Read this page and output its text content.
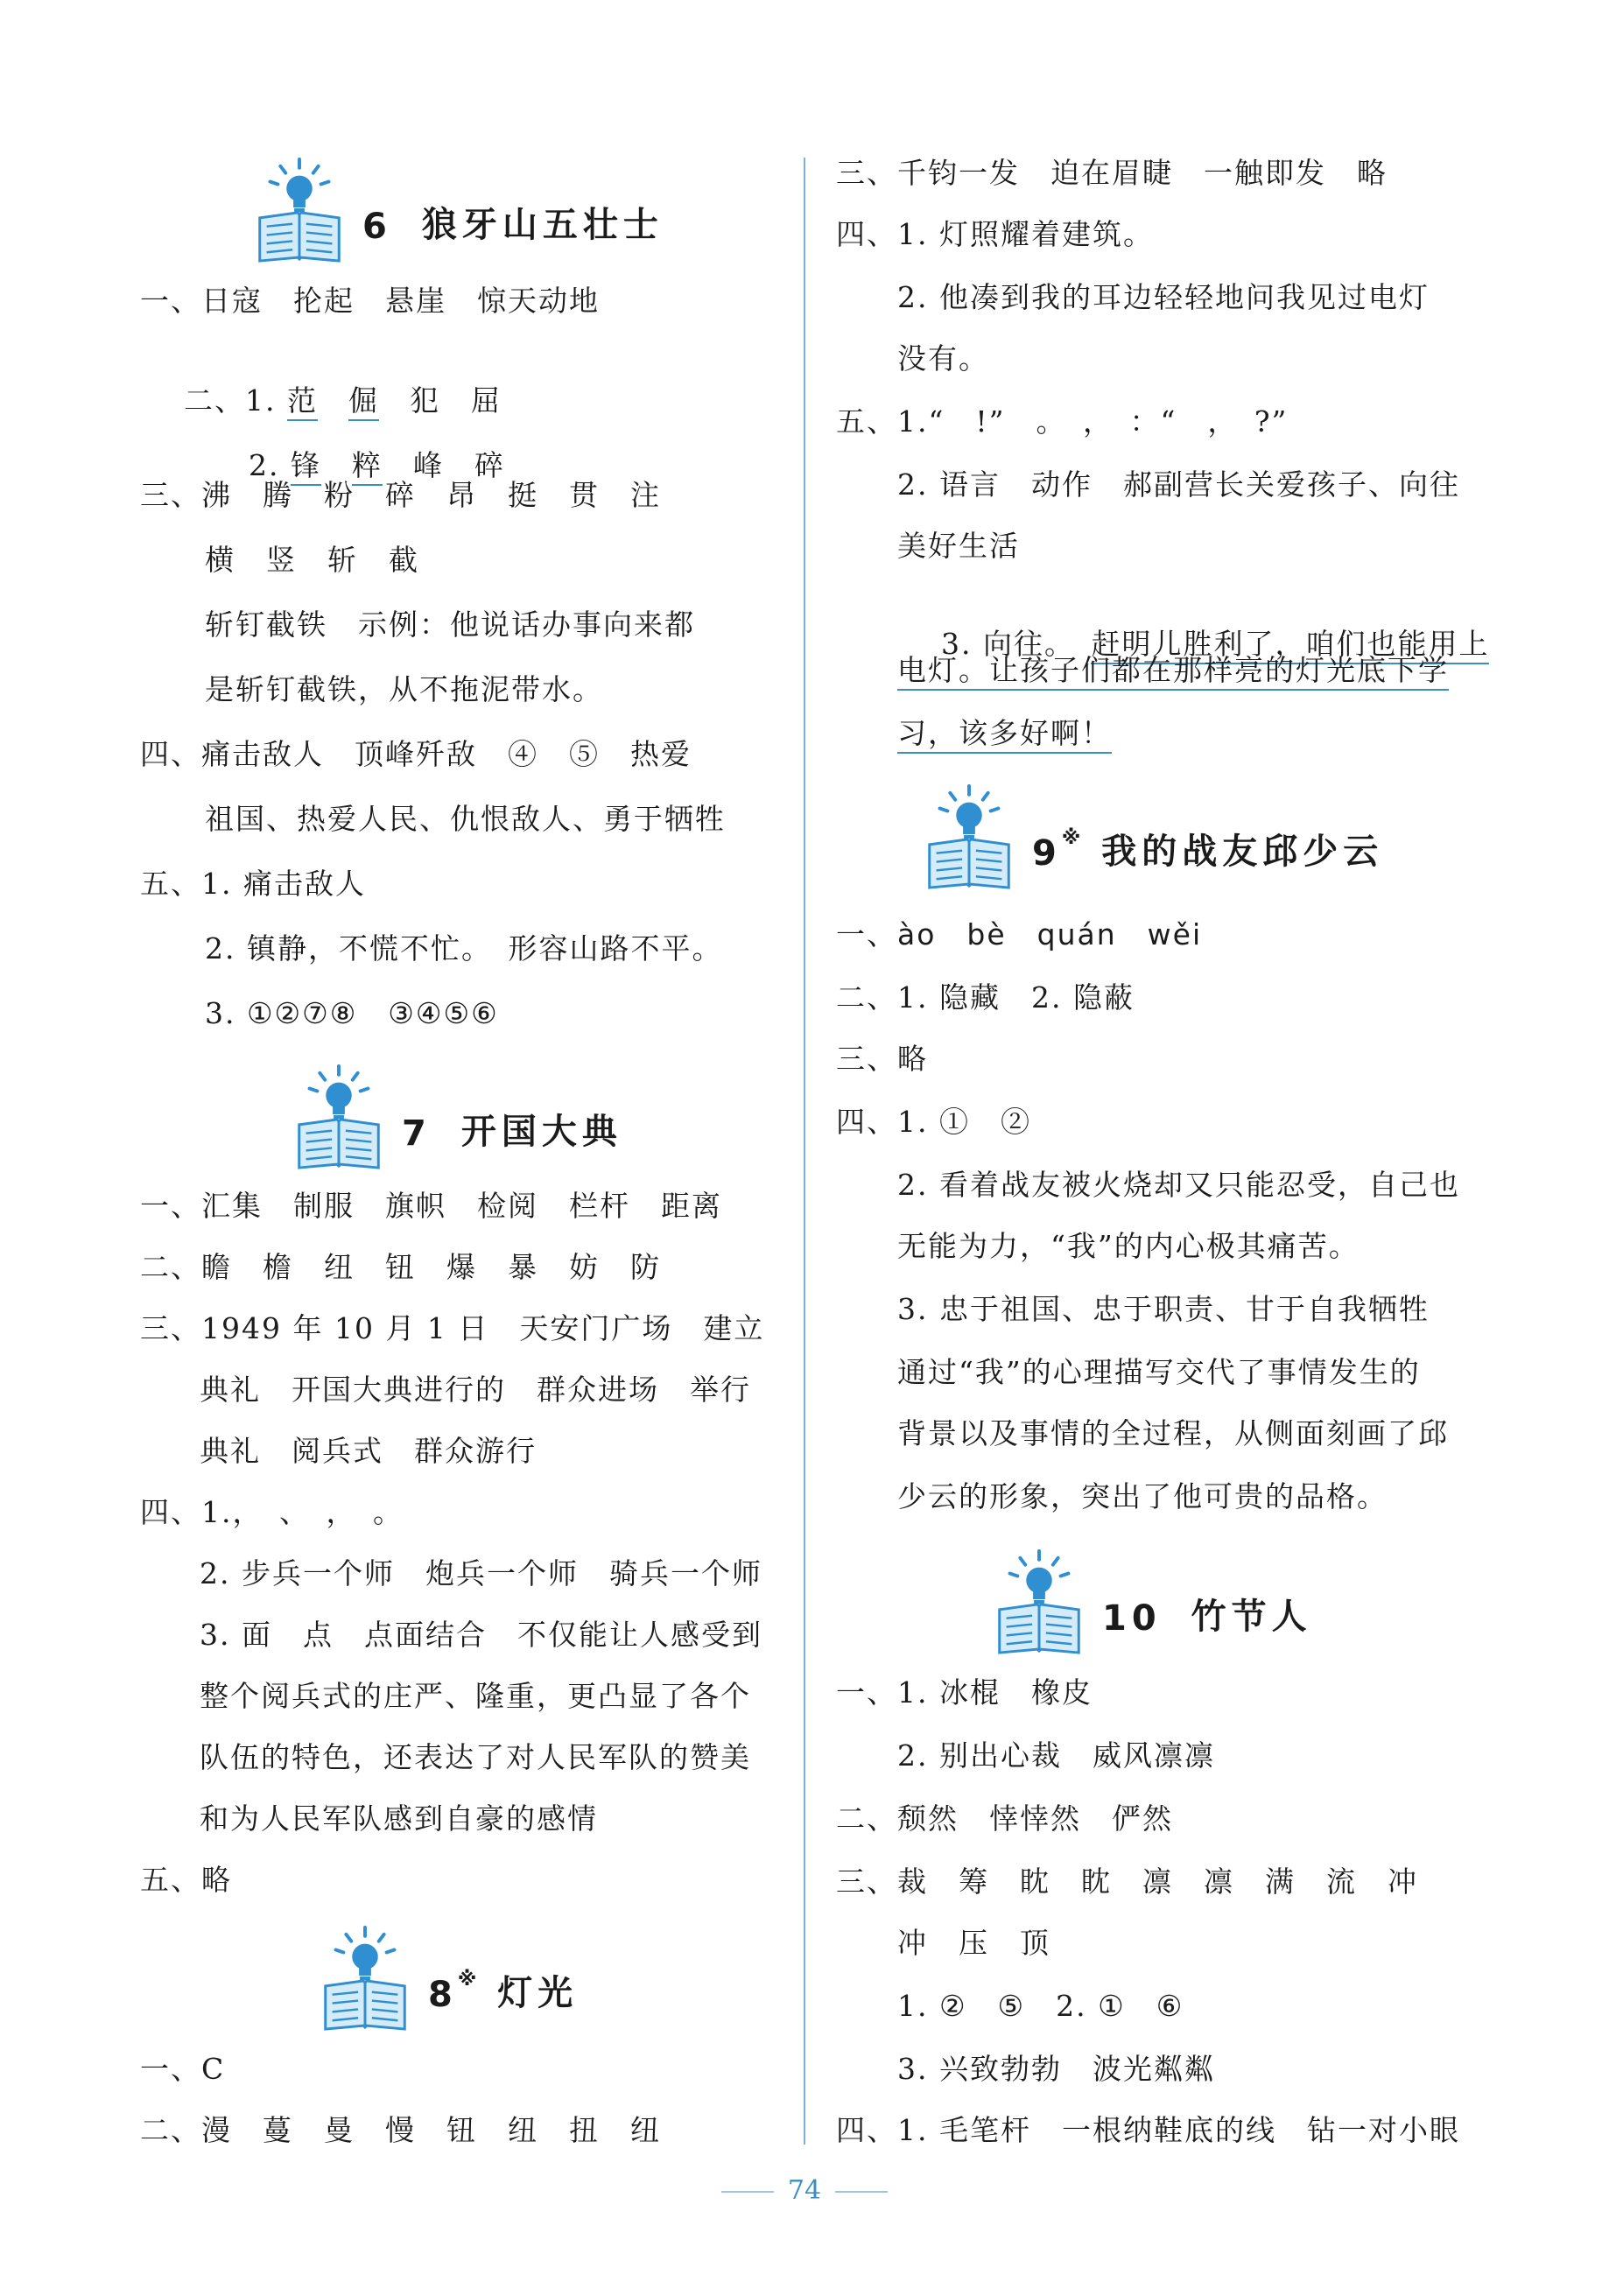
6 狼牙山五壮士
一、日寇　抡起　悬崖　惊天动地

二、1. 范　 倔　 犯　 屈

2. 锋　 粹　 峰　 碎

三、沸　腾　粉　碎　昂　挺　贯　注
横　竖　斩　截
斩钉截铁　示例：他说话办事向来都
是斩钉截铁，从不拖泥带水。
四、痛击敌人　顶峰歼敌　④　⑤　热爱
祖国、热爱人民、仇恨敌人、勇于牺牲
五、1. 痛击敌人
2. 镇静，不慌不忙。　形容山路不平。
3. ①②⑦⑧　③④⑤⑥
7 开国大典
一、汇集　制服　旗帜　检阅　栏杆　距离
二、瞻　檐　纽　钮　爆　暴　妨　防
三、1949 年 10 月 1 日　天安门广场　建立
典礼　开国大典进行的　群众进场　举行
典礼　阅兵式　群众游行
四、1.，　、　，　。
2. 步兵一个师　炮兵一个师　骑兵一个师
3. 面　点　点面结合　不仅能让人感受到
整个阅兵式的庄严、隆重，更凸显了各个
队伍的特色，还表达了对人民军队的赞美
和为人民军队感到自豪的感情
五、略
8 ※ 灯光
一、C
二、漫　蔓　曼　慢　钮　纽　扭　纽
三、千钧一发　迫在眉睫　一触即发　略
四、1. 灯照耀着建筑。
2. 他凑到我的耳边轻轻地问我见过电灯
没有。
五、1.“　!”　。　，　：“　，　?”
2. 语言　动作　郝副营长关爱孩子、向往
美好生活

3. 向往。　 赶明儿胜利了，咱们也能用上

电灯。让孩子们都在那样亮的灯光底下学
习，该多好啊！
9 ※ 我的战友邱少云
一、ào　bè　quán　wěi
二、1. 隐藏　2. 隐蔽
三、略
四、1. ①　②
2. 看着战友被火烧却又只能忍受，自己也
无能为力，“我”的内心极其痛苦。
3. 忠于祖国、忠于职责、甘于自我牺牲
通过“我”的心理描写交代了事情发生的
背景以及事情的全过程，从侧面刻画了邱
少云的形象，突出了他可贵的品格。
10 竹节人
一、1. 冰棍　橡皮
2. 别出心裁　威风凛凛
二、颓然　悻悻然　俨然
三、裁　筹　眈　眈　凛　凛　满　流　冲
冲　压　顶
1. ②　⑤　2. ①　⑥
3. 兴致勃勃　波光粼粼
四、1. 毛笔杆　一根纳鞋底的线　钻一对小眼
74
